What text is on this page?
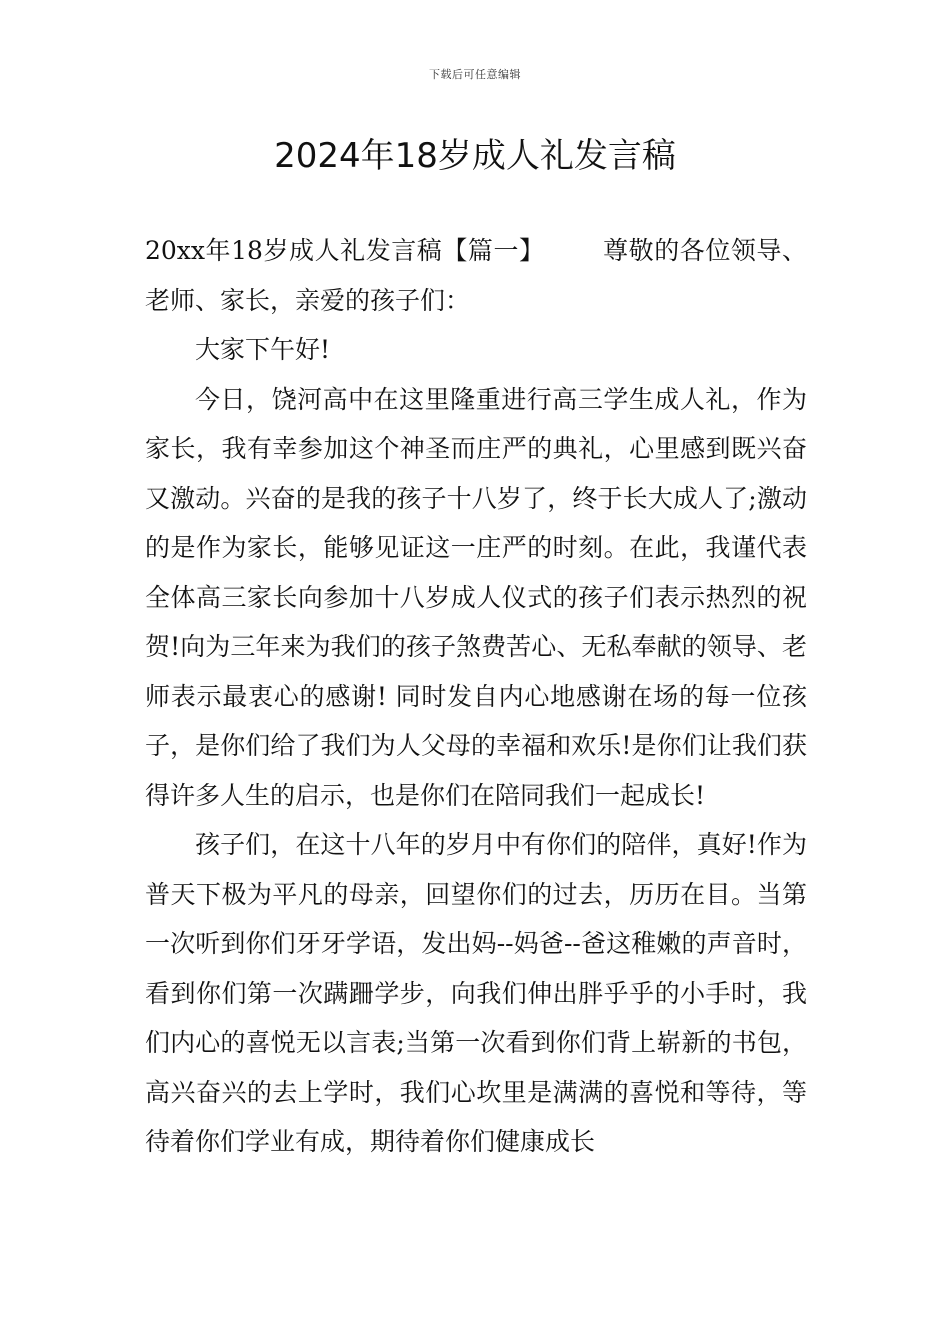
下载后可任意编辑
2024年18岁成人礼发言稿

20xx年18岁成人礼发言稿【篇一】 尊敬的各位领导、老师、家长，亲爱的孩子们：

大家下午好!

今日，饶河高中在这里隆重进行高三学生成人礼，作为家长，我有幸参加这个神圣而庄严的典礼，心里感到既兴奋又激动。兴奋的是我的孩子十八岁了，终于长大成人了;激动的是作为家长，能够见证这一庄严的时刻。在此，我谨代表全体高三家长向参加十八岁成人仪式的孩子们表示热烈的祝贺!向为三年来为我们的孩子煞费苦心、无私奉献的领导、老师表示最衷心的感谢! 同时发自内心地感谢在场的每一位孩子，是你们给了我们为人父母的幸福和欢乐!是你们让我们获得许多人生的启示，也是你们在陪同我们一起成长!

孩子们，在这十八年的岁月中有你们的陪伴，真好!作为普天下极为平凡的母亲，回望你们的过去，历历在目。当第一次听到你们牙牙学语，发出妈--妈爸--爸这稚嫩的声音时，看到你们第一次蹒跚学步，向我们伸出胖乎乎的小手时，我们内心的喜悦无以言表;当第一次看到你们背上崭新的书包，高兴奋兴的去上学时，我们心坎里是满满的喜悦和等待，等待着你们学业有成，期待着你们健康成长
